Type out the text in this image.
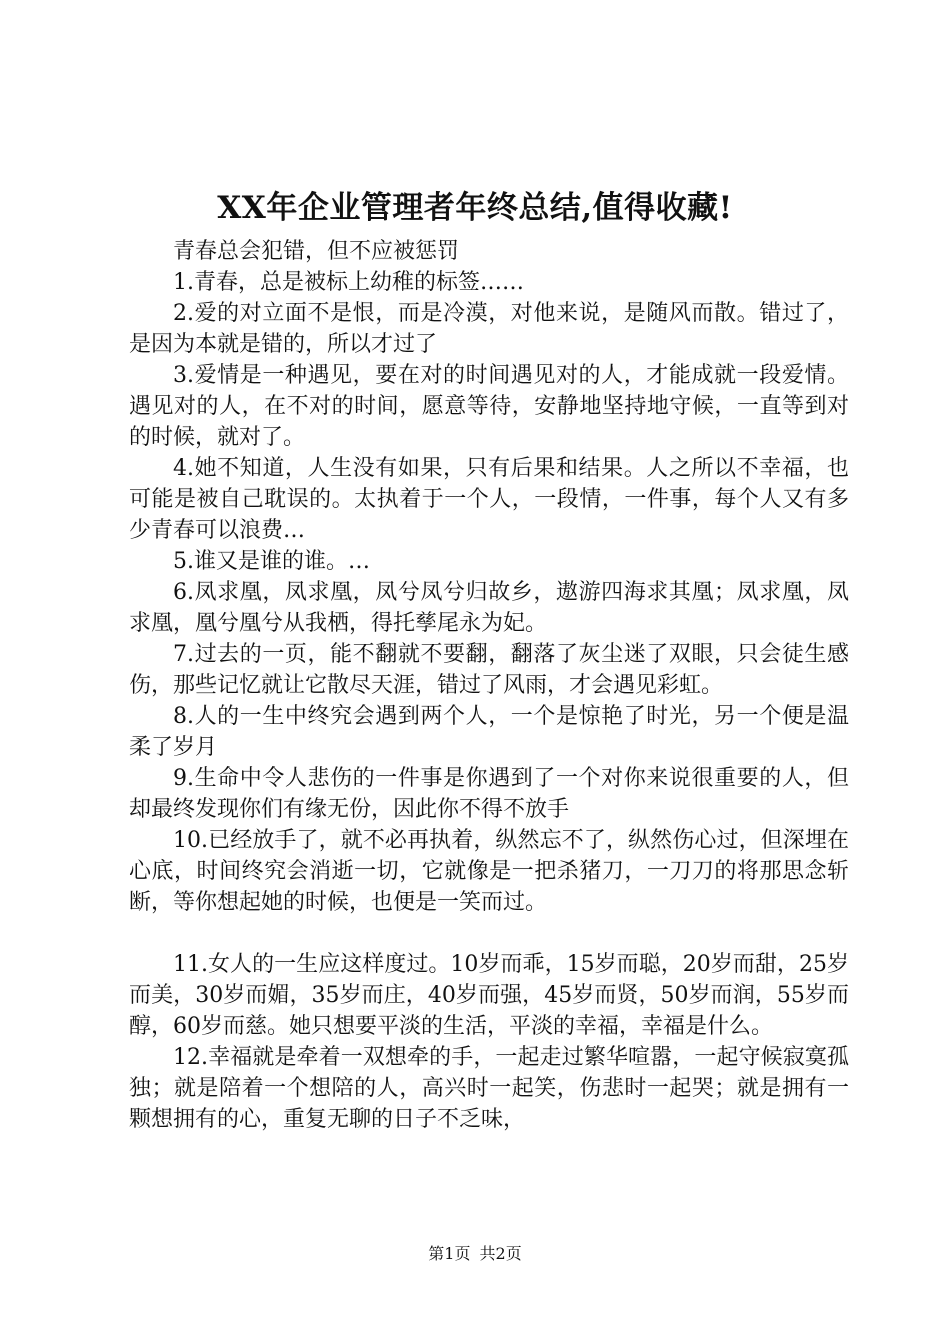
XX年企业管理者年终总结,值得收藏!

青春总会犯错，但不应被惩罚

1.青春，总是被标上幼稚的标签……

2.爱的对立面不是恨，而是冷漠，对他来说，是随风而散。错过了，是因为本就是错的，所以才过了

3.爱情是一种遇见，要在对的时间遇见对的人，才能成就一段爱情。遇见对的人，在不对的时间，愿意等待，安静地坚持地守候，一直等到对的时候，就对了。

4.她不知道，人生没有如果，只有后果和结果。人之所以不幸福，也可能是被自己耽误的。太执着于一个人，一段情，一件事，每个人又有多少青春可以浪费…

5.谁又是谁的谁。…

6.凤求凰，凤求凰，凤兮凤兮归故乡，遨游四海求其凰；凤求凰，凤求凰，凰兮凰兮从我栖，得托孳尾永为妃。

7.过去的一页，能不翻就不要翻，翻落了灰尘迷了双眼，只会徒生感伤，那些记忆就让它散尽天涯，错过了风雨，才会遇见彩虹。

8.人的一生中终究会遇到两个人，一个是惊艳了时光，另一个便是温柔了岁月

9.生命中令人悲伤的一件事是你遇到了一个对你来说很重要的人，但却最终发现你们有缘无份，因此你不得不放手

10.已经放手了，就不必再执着，纵然忘不了，纵然伤心过，但深埋在心底，时间终究会消逝一切，它就像是一把杀猪刀，一刀刀的将那思念斩断，等你想起她的时候，也便是一笑而过。

11.女人的一生应这样度过。10岁而乖，15岁而聪，20岁而甜，25岁而美，30岁而媚，35岁而庄，40岁而强，45岁而贤，50岁而润，55岁而醇，60岁而慈。她只想要平淡的生活，平淡的幸福，幸福是什么。

12.幸福就是牵着一双想牵的手，一起走过繁华喧嚣，一起守候寂寞孤独；就是陪着一个想陪的人，高兴时一起笑，伤悲时一起哭；就是拥有一颗想拥有的心，重复无聊的日子不乏味，

第1页 共2页
